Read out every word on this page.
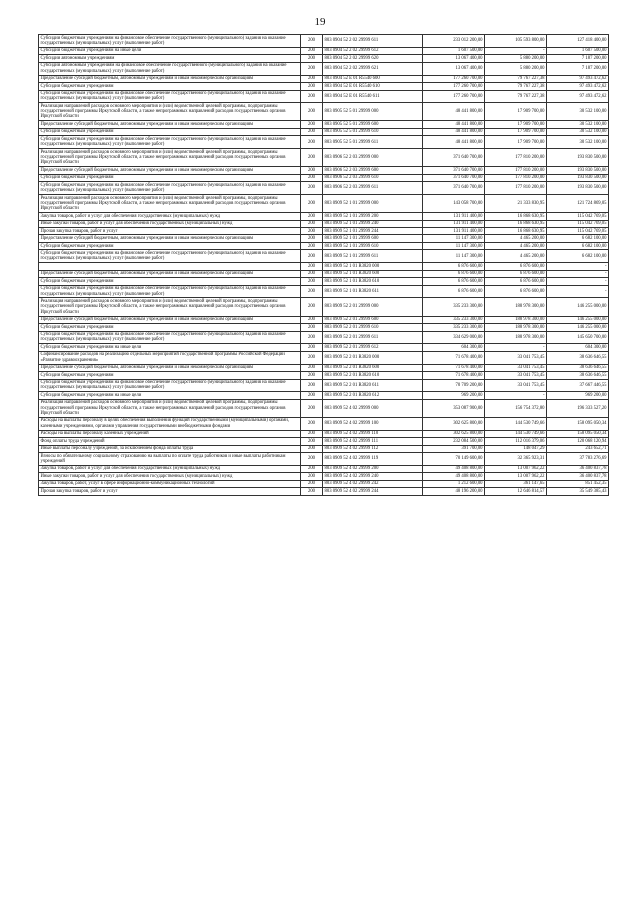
19
Субсидии бюджетным учреждениям на финансовое обеспечение государственного (муниципального) задания на оказание государственных (муниципальных) услуг (выполнение работ)	200	803 0904 52 2 02 29999 611	233 012 200,00	105 593 800,00	127 418 400,00
Субсидии бюджетным учреждениям на иные цели	200	803 0904 52 2 02 29999 612	1 607 500,00	-	1 607 500,00
Субсидии автономным учреждениям	200	803 0904 52 2 02 29999 620	13 067 400,00	5 880 200,00	7 187 200,00
Субсидии автономным учреждениям на финансовое обеспечение государственного (муниципального) задания на оказание государственных (муниципальных) услуг (выполнение работ)	200	803 0904 52 2 02 29999 621	13 067 400,00	5 880 200,00	7 187 200,00
Предоставление субсидий бюджетным, автономным учреждениям и иным некоммерческим организациям	200	803 0904 52 Е 01 R5540 600	177 260 700,00	79 767 227,38	97 493 472,62
Субсидии бюджетным учреждениям	200	803 0904 52 Е 01 R5540 610	177 260 700,00	79 767 227,38	97 493 472,62
Субсидии бюджетным учреждениям на финансовое обеспечение государственного (муниципального) задания на оказание государственных (муниципальных) услуг (выполнение работ)	200	803 0904 52 Е 01 R5540 611	177 260 700,00	79 767 227,38	97 493 472,62
Реализация направлений расходов основного мероприятия и (или) ведомственной целевой программы, подпрограммы государственной программы Иркутской области, а также непрограммных направлений расходов государственных органов Иркутской области	200	803 0905 52 5 01 29999 000	48 441 800,00	17 909 700,00	30 532 100,00
Предоставление субсидий бюджетным, автономным учреждениям и иным некоммерческим организациям	200	803 0905 52 5 01 29999 600	48 441 800,00	17 909 700,00	30 532 100,00
Субсидии бюджетным учреждениям	200	803 0905 52 5 01 29999 610	48 441 800,00	17 909 700,00	30 532 100,00
Субсидии бюджетным учреждениям на финансовое обеспечение государственного (муниципального) задания на оказание государственных (муниципальных) услуг (выполнение работ)	200	803 0905 52 5 01 29999 611	48 441 800,00	17 909 700,00	30 532 100,00
Реализация направлений расходов основного мероприятия и (или) ведомственной целевой программы, подпрограммы государственной программы Иркутской области, а также непрограммных направлений расходов государственных органов Иркутской области	200	803 0906 52 2 03 29999 000	371 640 700,00	177 810 200,00	193 830 500,00
Предоставление субсидий бюджетным, автономным учреждениям и иным некоммерческим организациям	200	803 0906 52 2 03 29999 600	371 640 700,00	177 810 200,00	193 830 500,00
Субсидии бюджетным учреждениям	200	803 0906 52 2 03 29999 610	371 640 700,00	177 810 200,00	193 830 500,00
Субсидии бюджетным учреждениям на финансовое обеспечение государственного (муниципального) задания на оказание государственных (муниципальных) услуг (выполнение работ)	200	803 0906 52 2 03 29999 611	371 640 700,00	177 810 200,00	193 830 500,00
Реализация направлений расходов основного мероприятия и (или) ведомственной целевой программы, подпрограммы государственной программы Иркутской области, а также непрограммных направлений расходов государственных органов Иркутской области	200	803 0909 52 1 01 29999 000	143 058 700,00	21 333 830,95	121 724 869,05
Закупка товаров, работ и услуг для обеспечения государственных (муниципальных) нужд	200	803 0909 52 1 01 29999 200	131 911 400,00	16 868 630,95	115 042 769,05
Иные закупки товаров, работ и услуг для обеспечения государственных (муниципальных) нужд	200	803 0909 52 1 01 29999 240	131 911 400,00	16 868 630,95	115 042 769,05
Прочая закупка товаров, работ и услуг	200	803 0909 52 1 01 29999 244	131 911 400,00	16 868 630,95	115 042 769,05
Предоставление субсидий бюджетным, автономным учреждениям и иным некоммерческим организациям	200	803 0909 52 1 01 29999 600	11 147 300,00	4 465 200,00	6 682 100,00
Субсидии бюджетным учреждениям	200	803 0909 52 1 01 29999 610	11 147 300,00	4 465 200,00	6 682 100,00
Субсидии бюджетным учреждениям на финансовое обеспечение государственного (муниципального) задания на оказание государственных (муниципальных) услуг (выполнение работ)	200	803 0909 52 1 01 29999 611	11 147 300,00	4 465 200,00	6 682 100,00
	200	803 0909 52 1 01 R3820 000	6 876 600,00	6 876 600,00	-
Предоставление субсидий бюджетным, автономным учреждениям и иным некоммерческим организациям	200	803 0909 52 1 01 R3820 600	6 876 600,00	6 876 600,00	-
Субсидии бюджетным учреждениям	200	803 0909 52 1 01 R3820 610	6 876 600,00	6 876 600,00	-
Субсидии бюджетным учреждениям на финансовое обеспечение государственного (муниципального) задания на оказание государственных (муниципальных) услуг (выполнение работ)	200	803 0909 52 1 01 R3820 611	6 876 600,00	6 876 600,00	-
Реализация направлений расходов основного мероприятия и (или) ведомственной целевой программы, подпрограммы государственной программы Иркутской области, а также непрограммных направлений расходов государственных органов Иркутской области	200	803 0909 52 2 01 29999 000	335 233 300,00	188 978 300,00	146 255 000,00
Предоставление субсидий бюджетным, автономным учреждениям и иным некоммерческим организациям	200	803 0909 52 2 01 29999 600	335 233 300,00	188 978 300,00	146 255 000,00
Субсидии бюджетным учреждениям	200	803 0909 52 2 01 29999 610	335 233 300,00	188 978 300,00	146 255 000,00
Субсидии бюджетным учреждениям на финансовое обеспечение государственного (муниципального) задания на оказание государственных (муниципальных) услуг (выполнение работ)	200	803 0909 52 2 01 29999 611	334 629 000,00	188 978 300,00	145 650 700,00
Субсидии бюджетным учреждениям на иные цели	200	803 0909 52 2 01 29999 612	604 300,00	-	604 300,00
Софинансирование расходов на реализацию отдельных мероприятий государственной программы Российской Федерации «Развитие здравоохранения»	200	803 0909 52 2 01 R3820 000	71 678 400,00	33 041 753,45	38 636 646,55
Предоставление субсидий бюджетным, автономным учреждениям и иным некоммерческим организациям	200	803 0909 52 2 01 R3820 600	71 678 400,00	33 041 753,45	38 636 646,55
Субсидии бюджетным учреждениям	200	803 0909 52 2 01 R3820 610	71 678 400,00	33 041 753,45	38 636 646,55
Субсидии бюджетным учреждениям на финансовое обеспечение государственного (муниципального) задания на оказание государственных (муниципальных) услуг (выполнение работ)	200	803 0909 52 2 01 R3820 611	70 709 200,00	33 041 753,45	37 667 446,55
Субсидии бюджетным учреждениям на иные цели	200	803 0909 52 2 01 R3820 612	969 200,00	-	969 200,00
Реализация направлений расходов основного мероприятия и (или) ведомственной целевой программы, подпрограммы государственной программы Иркутской области, а также непрограммных направлений расходов государственных органов Иркутской области	200	803 0909 52 4 02 29999 000	353 087 900,00	156 754 372,80	196 333 527,20
Расходы на выплаты персоналу в целях обеспечения выполнения функций государственными (муниципальными) органами, казенными учреждениями, органами управления государственными внебюджетными фондами	200	803 0909 52 4 02 29999 100	302 625 800,00	144 530 749,66	158 095 050,34
Расходы на выплаты персоналу казенных учреждений	200	803 0909 52 4 02 29999 110	302 625 800,00	144 530 749,66	158 095 050,34
Фонд оплаты труда учреждений	200	803 0909 52 4 02 29999 111	232 084 500,00	112 016 379,06	120 068 120,94
Иные выплаты персоналу учреждений, за исключением фонда оплаты труда	200	803 0909 52 4 02 29999 112	391 700,00	148 047,29	243 652,71
Взносы по обязательному социальному страхованию на выплаты по оплате труда работников и иные выплаты работникам учреждений	200	803 0909 52 4 02 29999 119	70 149 600,00	32 365 923,31	37 783 276,69
Закупка товаров, работ и услуг для обеспечения государственных (муниципальных) нужд	200	803 0909 52 4 02 29999 200	49 408 800,00	13 007 962,22	36 400 837,78
Иные закупки товаров, работ и услуг для обеспечения государственных (муниципальных) нужд	200	803 0909 52 4 02 29999 240	49 408 800,00	13 007 962,22	36 400 837,78
Закупка товаров, работ, услуг в сфере информационно-коммуникационных технологий	200	803 0909 52 4 02 29999 242	1 212 600,00	361 147,65	851 452,35
Прочая закупка товаров, работ и услуг	200	803 0909 52 4 02 29999 244	48 196 200,00	12 646 814,57	35 549 385,43
